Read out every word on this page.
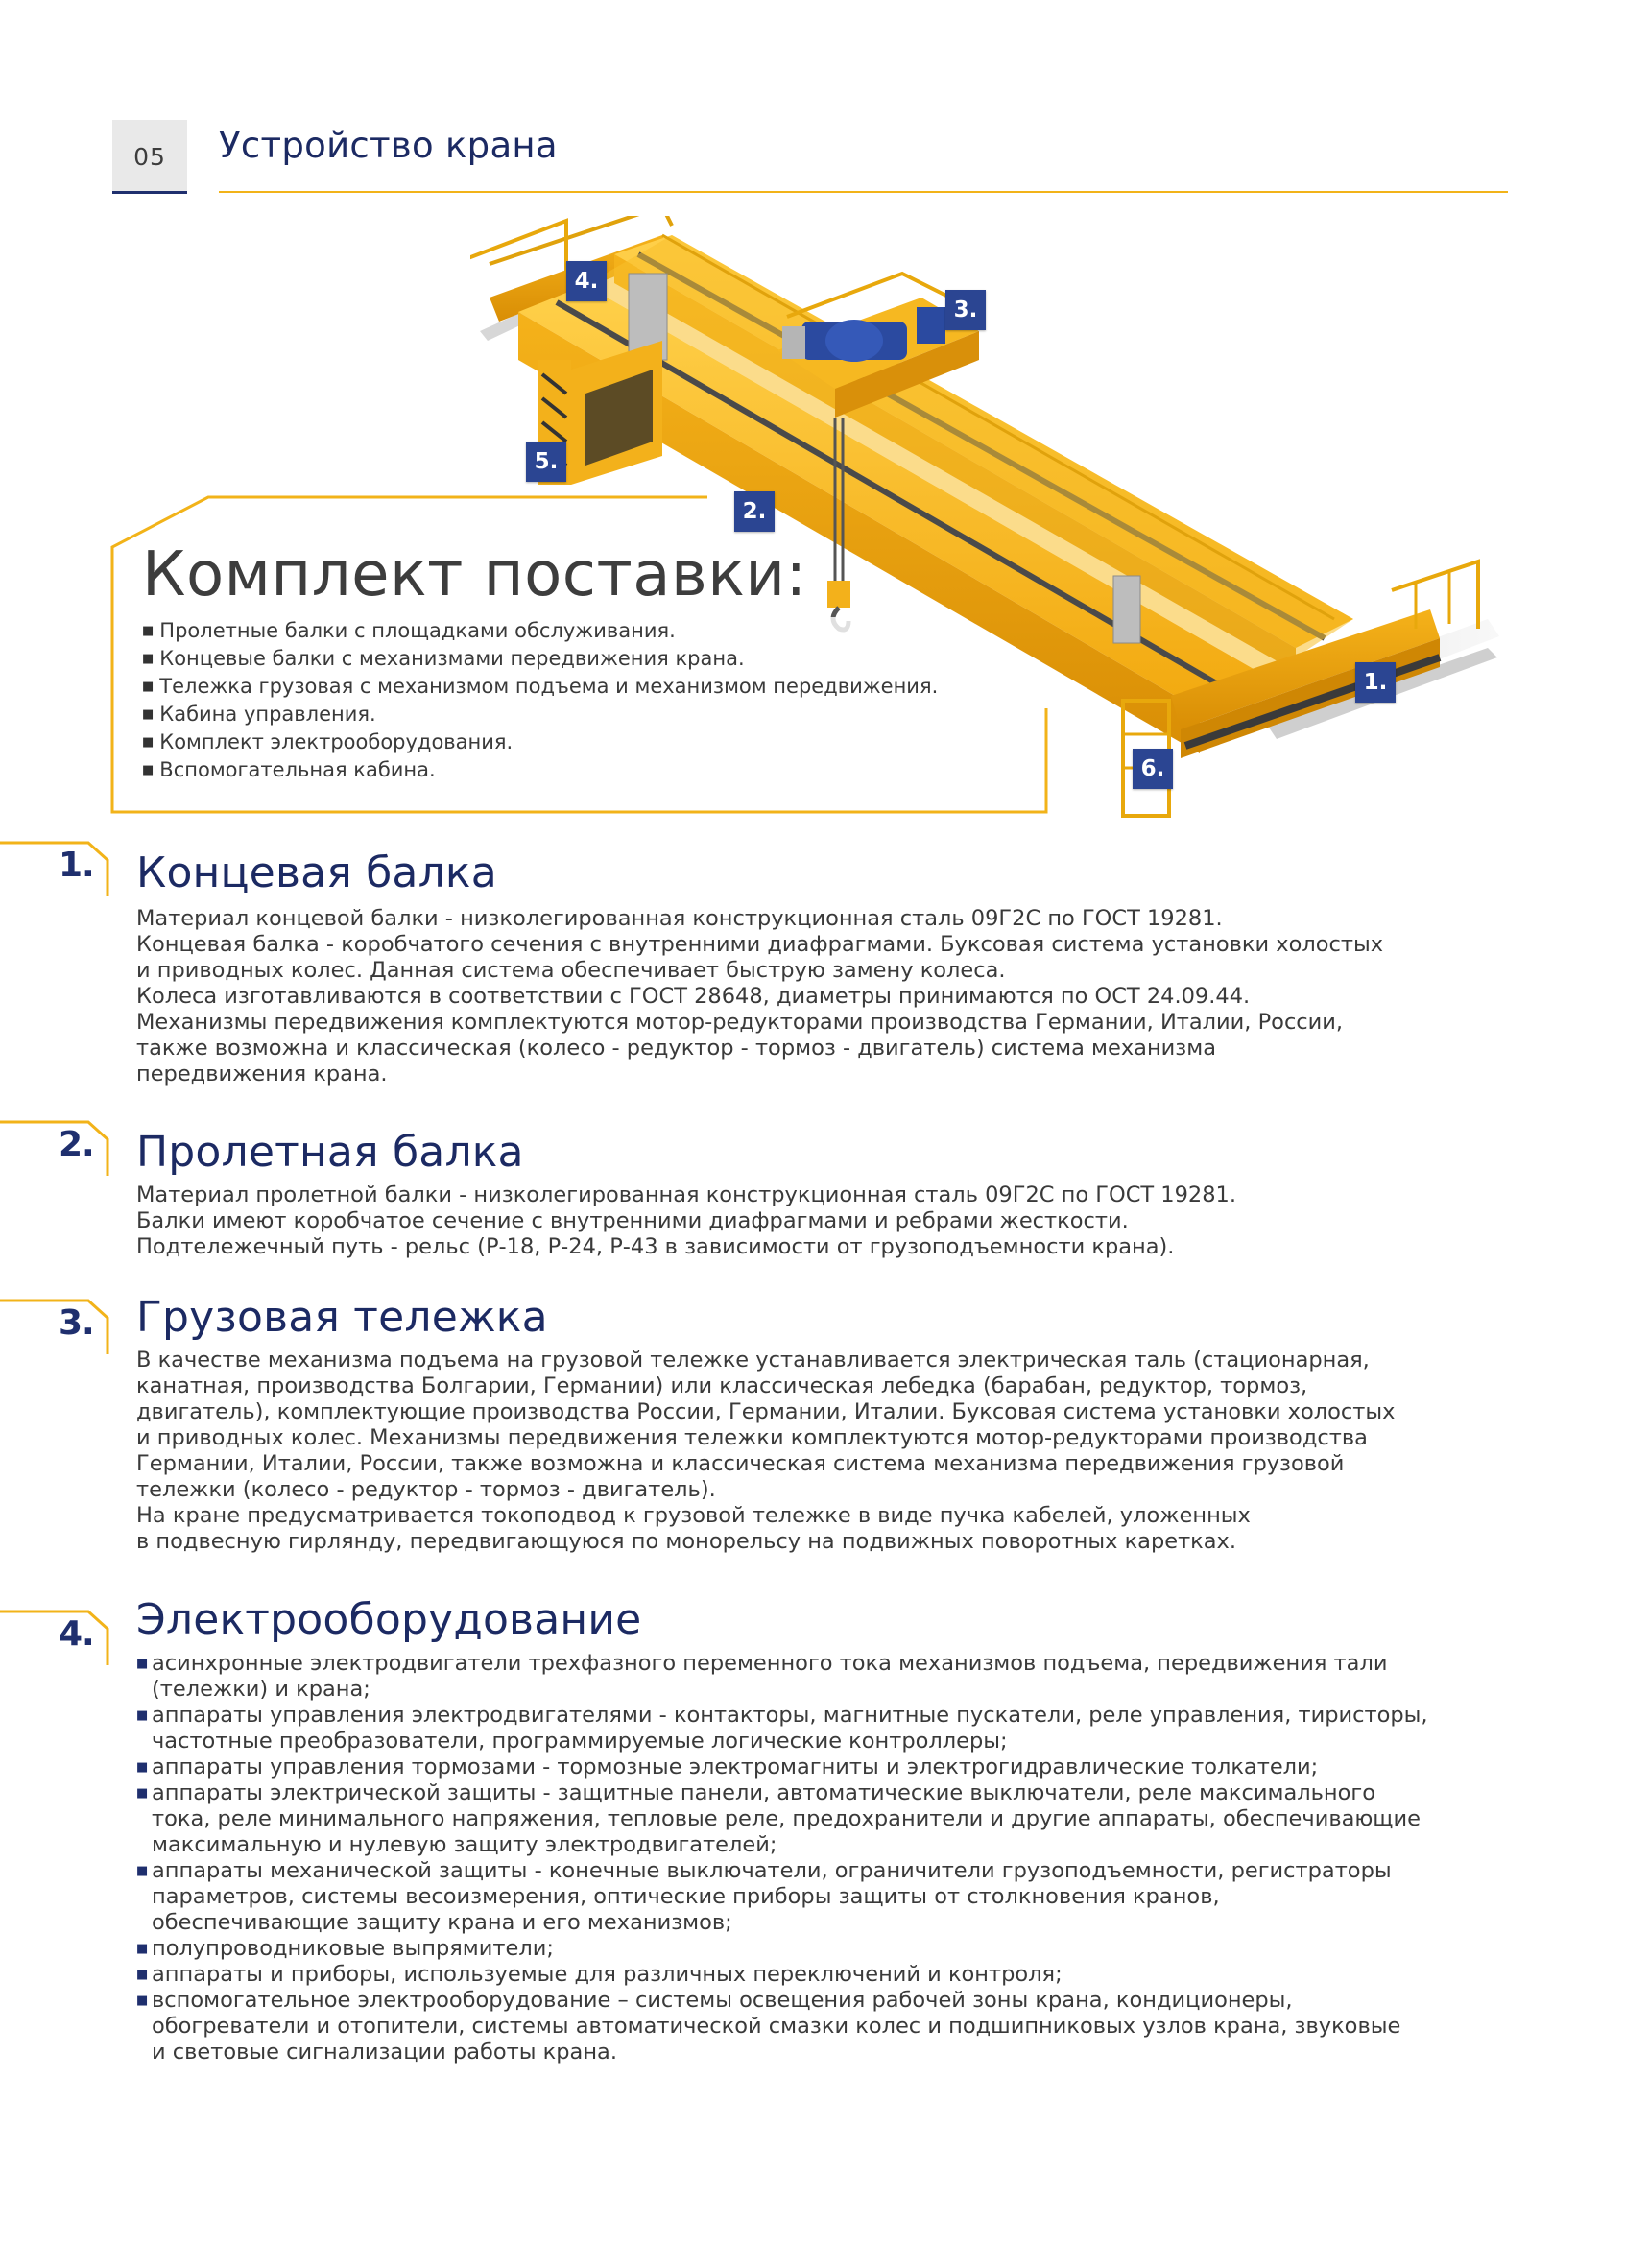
05	Устройство крана
4.
3.
5.
2.
1.
6.
Комплект поставки:
■ Пролетные балки с площадками обслуживания.
■ Концевые балки с механизмами передвижения крана.
■ Тележка грузовая с механизмом подъема и механизмом передвижения.
■ Кабина управления.
■ Комплект электрооборудования.
■ Вспомогательная кабина.
1. Концевая балка

Материал концевой балки - низколегированная конструкционная сталь 09Г2С по ГОСТ 19281.

Концевая балка - коробчатого сечения с внутренними диафрагмами. Буксовая система установки холостых

и приводных колес. Данная система обеспечивает быструю замену колеса.

Колеса изготавливаются в соответствии с ГОСТ 28648, диаметры принимаются по ОСТ 24.09.44.

Механизмы передвижения комплектуются мотор-редукторами производства Германии, Италии, России,

также возможна и классическая (колесо - редуктор - тормоз - двигатель) система механизма

передвижения крана.

2. Пролетная балка

Материал пролетной балки - низколегированная конструкционная сталь 09Г2С по ГОСТ 19281.

Балки имеют коробчатое сечение с внутренними диафрагмами и ребрами жесткости.

Подтележечный путь - рельс (Р-18, Р-24, Р-43 в зависимости от грузоподъемности крана).

3. Грузовая тележка

В качестве механизма подъема на грузовой тележке устанавливается электрическая таль (стационарная,

канатная, производства Болгарии, Германии) или классическая лебедка (барабан, редуктор, тормоз,

двигатель), комплектующие производства России, Германии, Италии. Буксовая система установки холостых

и приводных колес. Механизмы передвижения тележки комплектуются мотор-редукторами производства

Германии, Италии, России, также возможна и классическая система механизма передвижения грузовой

тележки (колесо - редуктор - тормоз - двигатель).

На кране предусматривается токоподвод к грузовой тележке в виде пучка кабелей, уложенных

в подвесную гирлянду, передвигающуюся по монорельсу на подвижных поворотных каретках.

4. Электрооборудование
■ асинхронные электродвигатели трехфазного переменного тока механизмов подъема, передвижения тали
(тележки) и крана;
■ аппараты управления электродвигателями - контакторы, магнитные пускатели, реле управления, тиристоры,
частотные преобразователи, программируемые логические контроллеры;
■ аппараты управления тормозами - тормозные электромагниты и электрогидравлические толкатели;
■ аппараты электрической защиты - защитные панели, автоматические выключатели, реле максимального
тока, реле минимального напряжения, тепловые реле, предохранители и другие аппараты, обеспечивающие
максимальную и нулевую защиту электродвигателей;
■ аппараты механической защиты - конечные выключатели, ограничители грузоподъемности, регистраторы
параметров, системы весоизмерения, оптические приборы защиты от столкновения кранов,
обеспечивающие защиту крана и его механизмов;
■ полупроводниковые выпрямители;
■ аппараты и приборы, используемые для различных переключений и контроля;
■ вспомогательное электрооборудование – системы освещения рабочей зоны крана, кондиционеры,
обогреватели и отопители, системы автоматической смазки колес и подшипниковых узлов крана, звуковые
и световые сигнализации работы крана.
